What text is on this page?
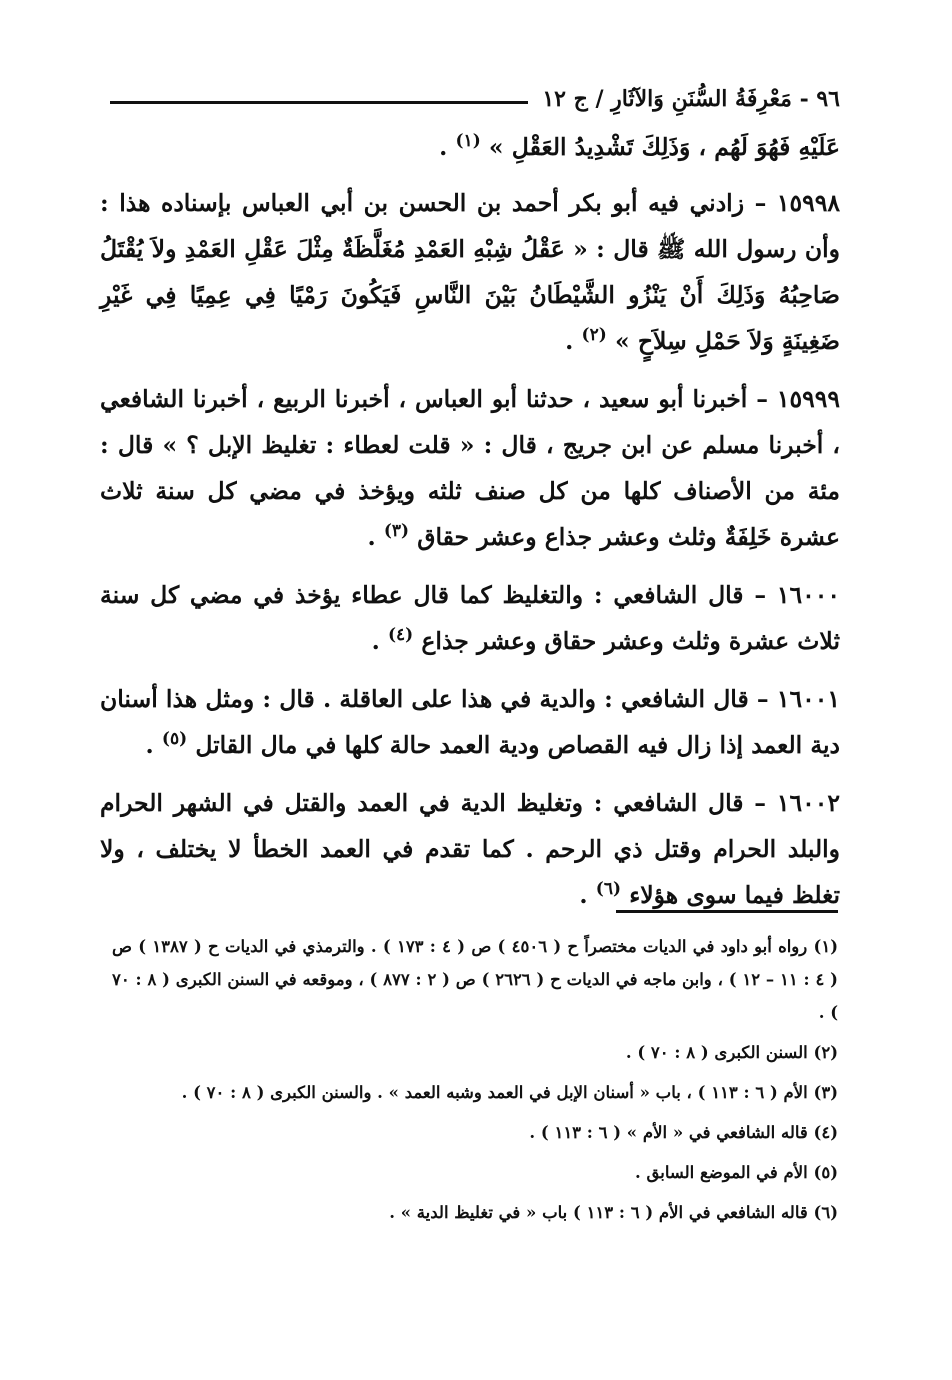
٩٦ - مَعْرِفَةُ السُّنَنِ وَالآثَارِ / ج ١٢

عَلَيْهِ فَهُوَ لَهُم ، وَذَلِكَ تَشْدِيدُ العَقْلِ » $^{(١)}$ .

١٥٩٩٨ – زادني فيه أبو بكر أحمد بن الحسن بن أبي العباس بإسناده هذا : وأن رسول الله ﷺ قال : « عَقْلُ شِبْهِ العَمْدِ مُغَلَّظَةٌ مِثْلَ عَقْلِ العَمْدِ ولاَ يُقْتَلُ صَاحِبُهُ وَذَلِكَ أَنْ يَنْزُو الشَّيْطَانُ بَيْنَ النَّاسِ فَيَكُونَ رَمْيًا فِي عِمِيًا فِي غَيْرِ ضَغِينَةٍ وَلاَ حَمْلِ سِلاَحٍ » $^{(٢)}$ .

١٥٩٩٩ – أخبرنا أبو سعيد ، حدثنا أبو العباس ، أخبرنا الربيع ، أخبرنا الشافعي ، أخبرنا مسلم عن ابن جريج ، قال : « قلت لعطاء : تغليظ الإبل ؟ » قال : مئة من الأصناف كلها من كل صنف ثلثه ويؤخذ في مضي كل سنة ثلاث عشرة خَلِفَةٌ وثلث وعشر جذاع وعشر حقاق $^{(٣)}$ .

١٦٠٠٠ – قال الشافعي : والتغليظ كما قال عطاء يؤخذ في مضي كل سنة ثلاث عشرة وثلث وعشر حقاق وعشر جذاع $^{(٤)}$ .

١٦٠٠١ – قال الشافعي : والدية في هذا على العاقلة . قال : ومثل هذا أسنان دية العمد إذا زال فيه القصاص ودية العمد حالة كلها في مال القاتل $^{(٥)}$ .

١٦٠٠٢ – قال الشافعي : وتغليظ الدية في العمد والقتل في الشهر الحرام والبلد الحرام وقتل ذي الرحم . كما تقدم في العمد الخطأ لا يختلف ، ولا تغلظ فيما سوى هؤلاء $^{(٦)}$ .

(١) رواه أبو داود في الديات مختصراً ح ( ٤٥٠٦ ) ص ( ٤ : ١٧٣ ) . والترمذي في الديات ح ( ١٣٨٧ ) ص ( ٤ : ١١ – ١٢ ) ، وابن ماجه في الديات ح ( ٢٦٢٦ ) ص ( ٢ : ٨٧٧ ) ، وموقعه في السنن الكبرى ( ٨ : ٧٠ ) .

(٢) السنن الكبرى ( ٨ : ٧٠ ) .

(٣) الأم ( ٦ : ١١٣ ) ، باب « أسنان الإبل في العمد وشبه العمد » . والسنن الكبرى ( ٨ : ٧٠ ) .

(٤) قاله الشافعي في « الأم » ( ٦ : ١١٣ ) .

(٥) الأم في الموضع السابق .

(٦) قاله الشافعي في الأم ( ٦ : ١١٣ ) باب « في تغليظ الدية » .
